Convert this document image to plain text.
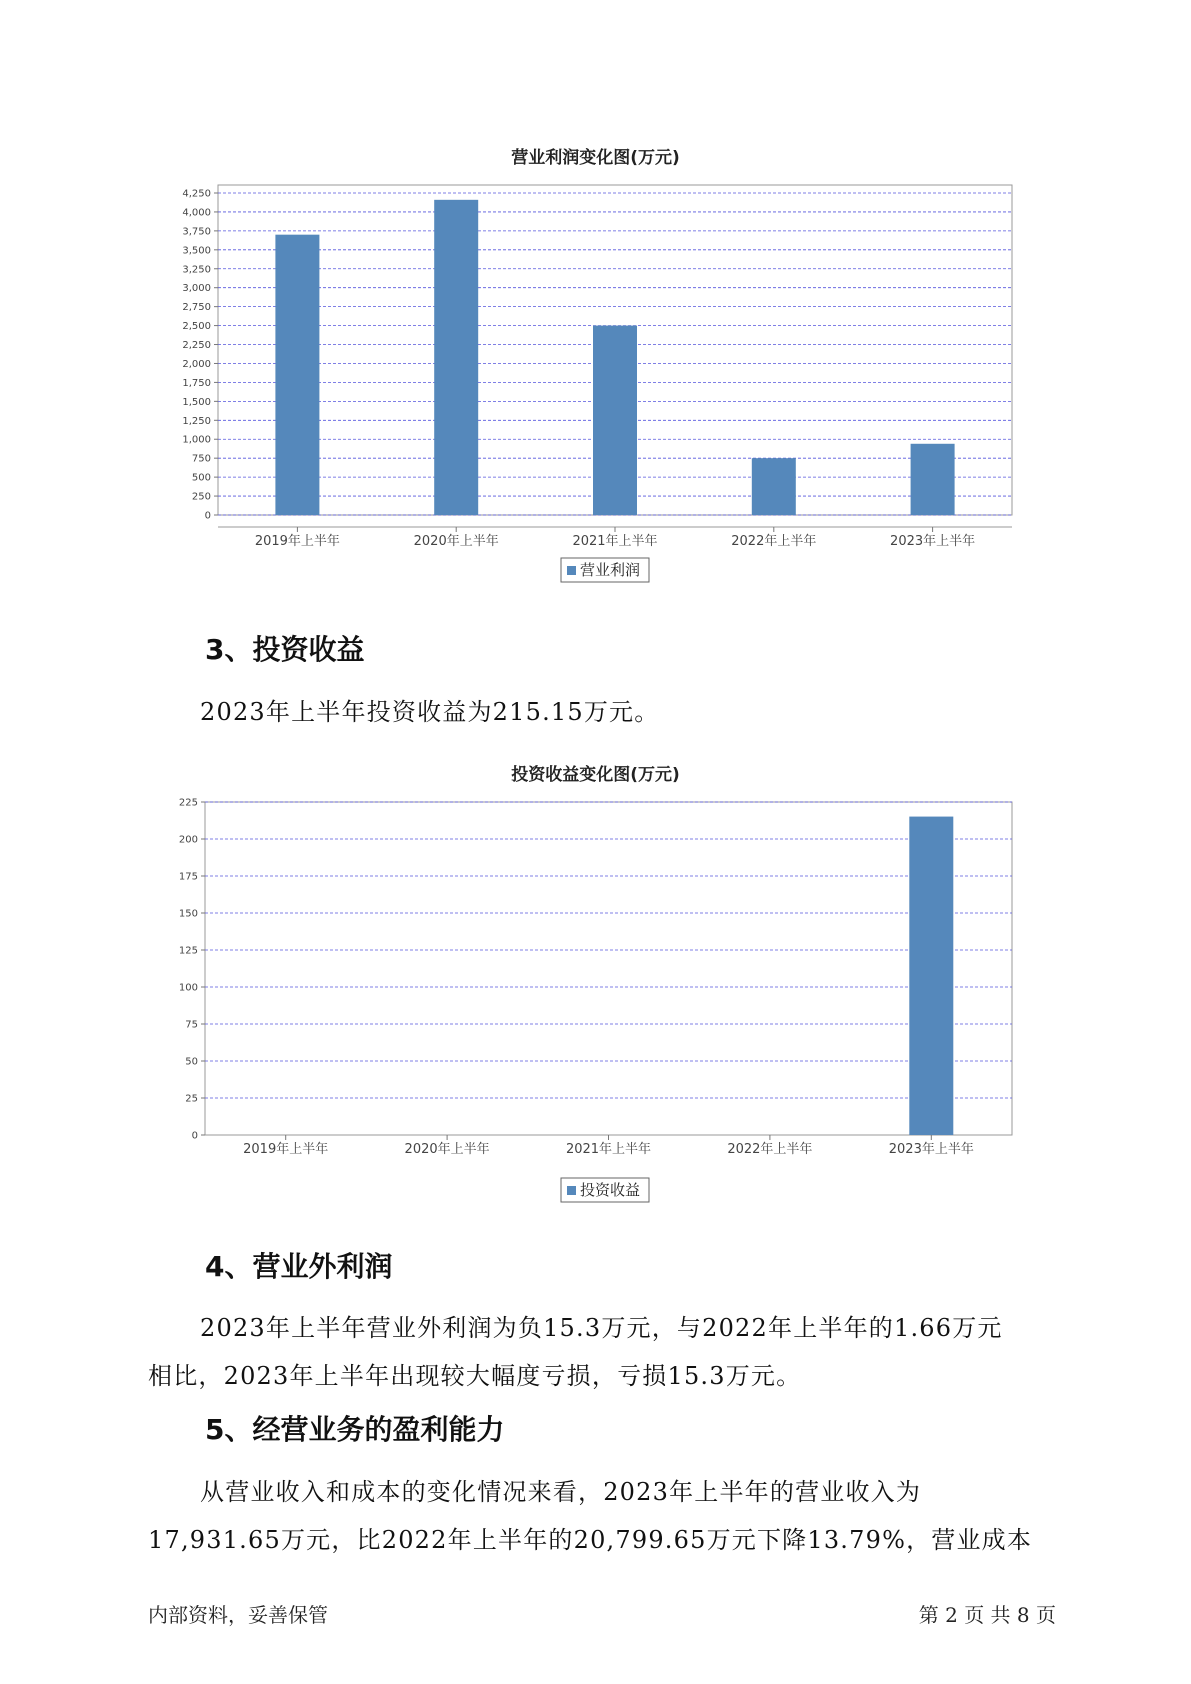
营业利润变化图(万元)
0
250
500
750
1,000
1,250
1,500
1,750
2,000
2,250
2,500
2,750
3,000
3,250
3,500
3,750
4,000
4,250
2019年上半年	2020年上半年	2021年上半年	2022年上半年	2023年上半年
营业利润
3、投资收益
2023年上半年投资收益为215.15万元。
投资收益变化图(万元)
0
25
50
75
100
125
150
175
200
225
2019年上半年	2020年上半年	2021年上半年	2022年上半年	2023年上半年
投资收益
4、营业外利润
2023年上半年营业外利润为负15.3万元，与2022年上半年的1.66万元
相比，2023年上半年出现较大幅度亏损，亏损15.3万元。
5、经营业务的盈利能力
从营业收入和成本的变化情况来看，2023年上半年的营业收入为
17,931.65万元，比2022年上半年的20,799.65万元下降13.79%，营业成本
内部资料，妥善保管	第 2 页 共 8 页
